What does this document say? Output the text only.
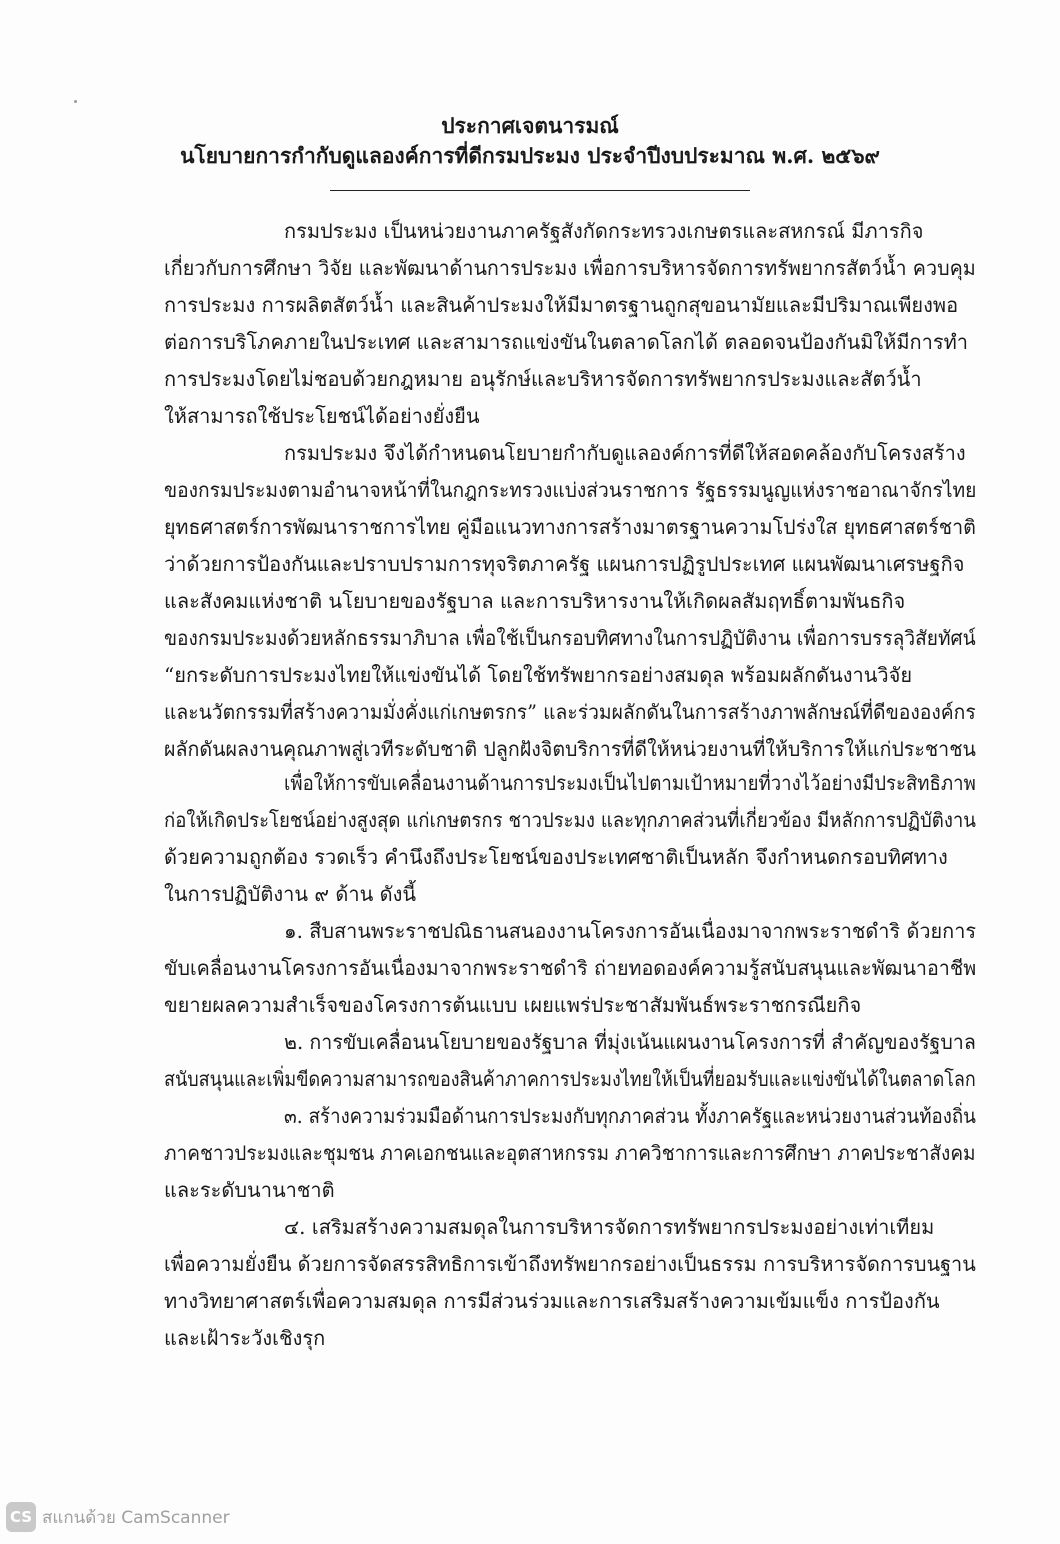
ประกาศเจตนารมณ์
นโยบายการกำกับดูแลองค์การที่ดีกรมประมง ประจำปีงบประมาณ พ.ศ. ๒๕๖๙
กรมประมง เป็นหน่วยงานภาครัฐสังกัดกระทรวงเกษตรและสหกรณ์ มีภารกิจ
เกี่ยวกับการศึกษา วิจัย และพัฒนาด้านการประมง เพื่อการบริหารจัดการทรัพยากรสัตว์น้ำ ควบคุม
การประมง การผลิตสัตว์น้ำ และสินค้าประมงให้มีมาตรฐานถูกสุขอนามัยและมีปริมาณเพียงพอ
ต่อการบริโภคภายในประเทศ และสามารถแข่งขันในตลาดโลกได้ ตลอดจนป้องกันมิให้มีการทำ
การประมงโดยไม่ชอบด้วยกฎหมาย อนุรักษ์และบริหารจัดการทรัพยากรประมงและสัตว์น้ำ
ให้สามารถใช้ประโยชน์ได้อย่างยั่งยืน
กรมประมง จึงได้กำหนดนโยบายกำกับดูแลองค์การที่ดีให้สอดคล้องกับโครงสร้าง
ของกรมประมงตามอำนาจหน้าที่ในกฎกระทรวงแบ่งส่วนราชการ รัฐธรรมนูญแห่งราชอาณาจักรไทย
ยุทธศาสตร์การพัฒนาราชการไทย คู่มือแนวทางการสร้างมาตรฐานความโปร่งใส ยุทธศาสตร์ชาติ
ว่าด้วยการป้องกันและปราบปรามการทุจริตภาครัฐ แผนการปฏิรูปประเทศ แผนพัฒนาเศรษฐกิจ
และสังคมแห่งชาติ นโยบายของรัฐบาล และการบริหารงานให้เกิดผลสัมฤทธิ์ตามพันธกิจ
ของกรมประมงด้วยหลักธรรมาภิบาล เพื่อใช้เป็นกรอบทิศทางในการปฏิบัติงาน เพื่อการบรรลุวิสัยทัศน์
“ยกระดับการประมงไทยให้แข่งขันได้ โดยใช้ทรัพยากรอย่างสมดุล พร้อมผลักดันงานวิจัย
และนวัตกรรมที่สร้างความมั่งคั่งแก่เกษตรกร” และร่วมผลักดันในการสร้างภาพลักษณ์ที่ดีขององค์กร
ผลักดันผลงานคุณภาพสู่เวทีระดับชาติ ปลูกฝังจิตบริการที่ดีให้หน่วยงานที่ให้บริการให้แก่ประชาชน
เพื่อให้การขับเคลื่อนงานด้านการประมงเป็นไปตามเป้าหมายที่วางไว้อย่างมีประสิทธิภาพ
ก่อให้เกิดประโยชน์อย่างสูงสุด แก่เกษตรกร ชาวประมง และทุกภาคส่วนที่เกี่ยวข้อง มีหลักการปฏิบัติงาน
ด้วยความถูกต้อง รวดเร็ว คำนึงถึงประโยชน์ของประเทศชาติเป็นหลัก จึงกำหนดกรอบทิศทาง
ในการปฏิบัติงาน ๙ ด้าน ดังนี้
๑. สืบสานพระราชปณิธานสนองงานโครงการอันเนื่องมาจากพระราชดำริ ด้วยการ
ขับเคลื่อนงานโครงการอันเนื่องมาจากพระราชดำริ ถ่ายทอดองค์ความรู้สนับสนุนและพัฒนาอาชีพ
ขยายผลความสำเร็จของโครงการต้นแบบ เผยแพร่ประชาสัมพันธ์พระราชกรณียกิจ
๒. การขับเคลื่อนนโยบายของรัฐบาล ที่มุ่งเน้นแผนงานโครงการที่ สำคัญของรัฐบาล
สนับสนุนและเพิ่มขีดความสามารถของสินค้าภาคการประมงไทยให้เป็นที่ยอมรับและแข่งขันได้ในตลาดโลก
๓. สร้างความร่วมมือด้านการประมงกับทุกภาคส่วน ทั้งภาครัฐและหน่วยงานส่วนท้องถิ่น
ภาคชาวประมงและชุมชน ภาคเอกชนและอุตสาหกรรม ภาควิชาการและการศึกษา ภาคประชาสังคม
และระดับนานาชาติ
๔. เสริมสร้างความสมดุลในการบริหารจัดการทรัพยากรประมงอย่างเท่าเทียม
เพื่อความยั่งยืน ด้วยการจัดสรรสิทธิการเข้าถึงทรัพยากรอย่างเป็นธรรม การบริหารจัดการบนฐาน
ทางวิทยาศาสตร์เพื่อความสมดุล การมีส่วนร่วมและการเสริมสร้างความเข้มแข็ง การป้องกัน
และเฝ้าระวังเชิงรุก
CS สแกนด้วย CamScanner
